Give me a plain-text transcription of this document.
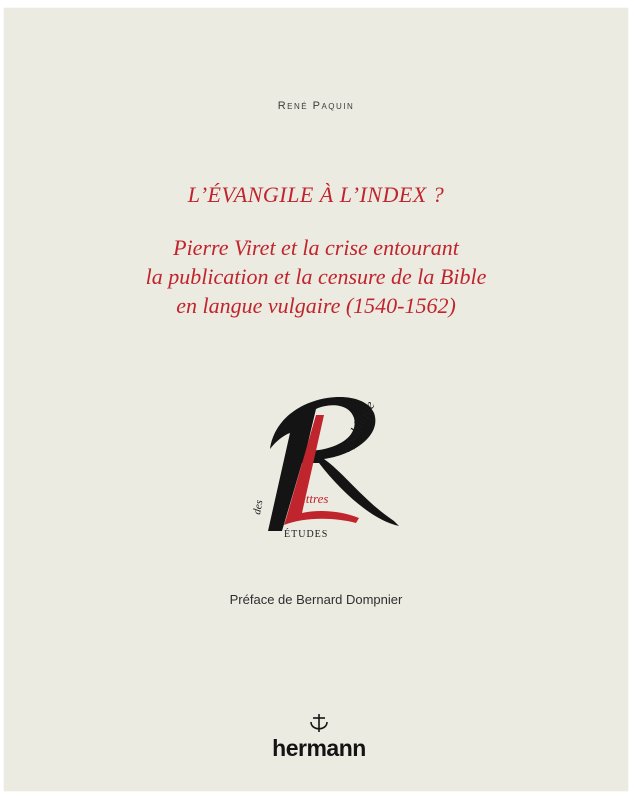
René Paquin
L’ÉVANGILE À L’INDEX ?
Pierre Viret et la crise entourant
la publication et la censure de la Bible
en langue vulgaire (1540-1562)
épublique
des
ettres
ÉTUDES
Préface de Bernard Dompnier
hermann
